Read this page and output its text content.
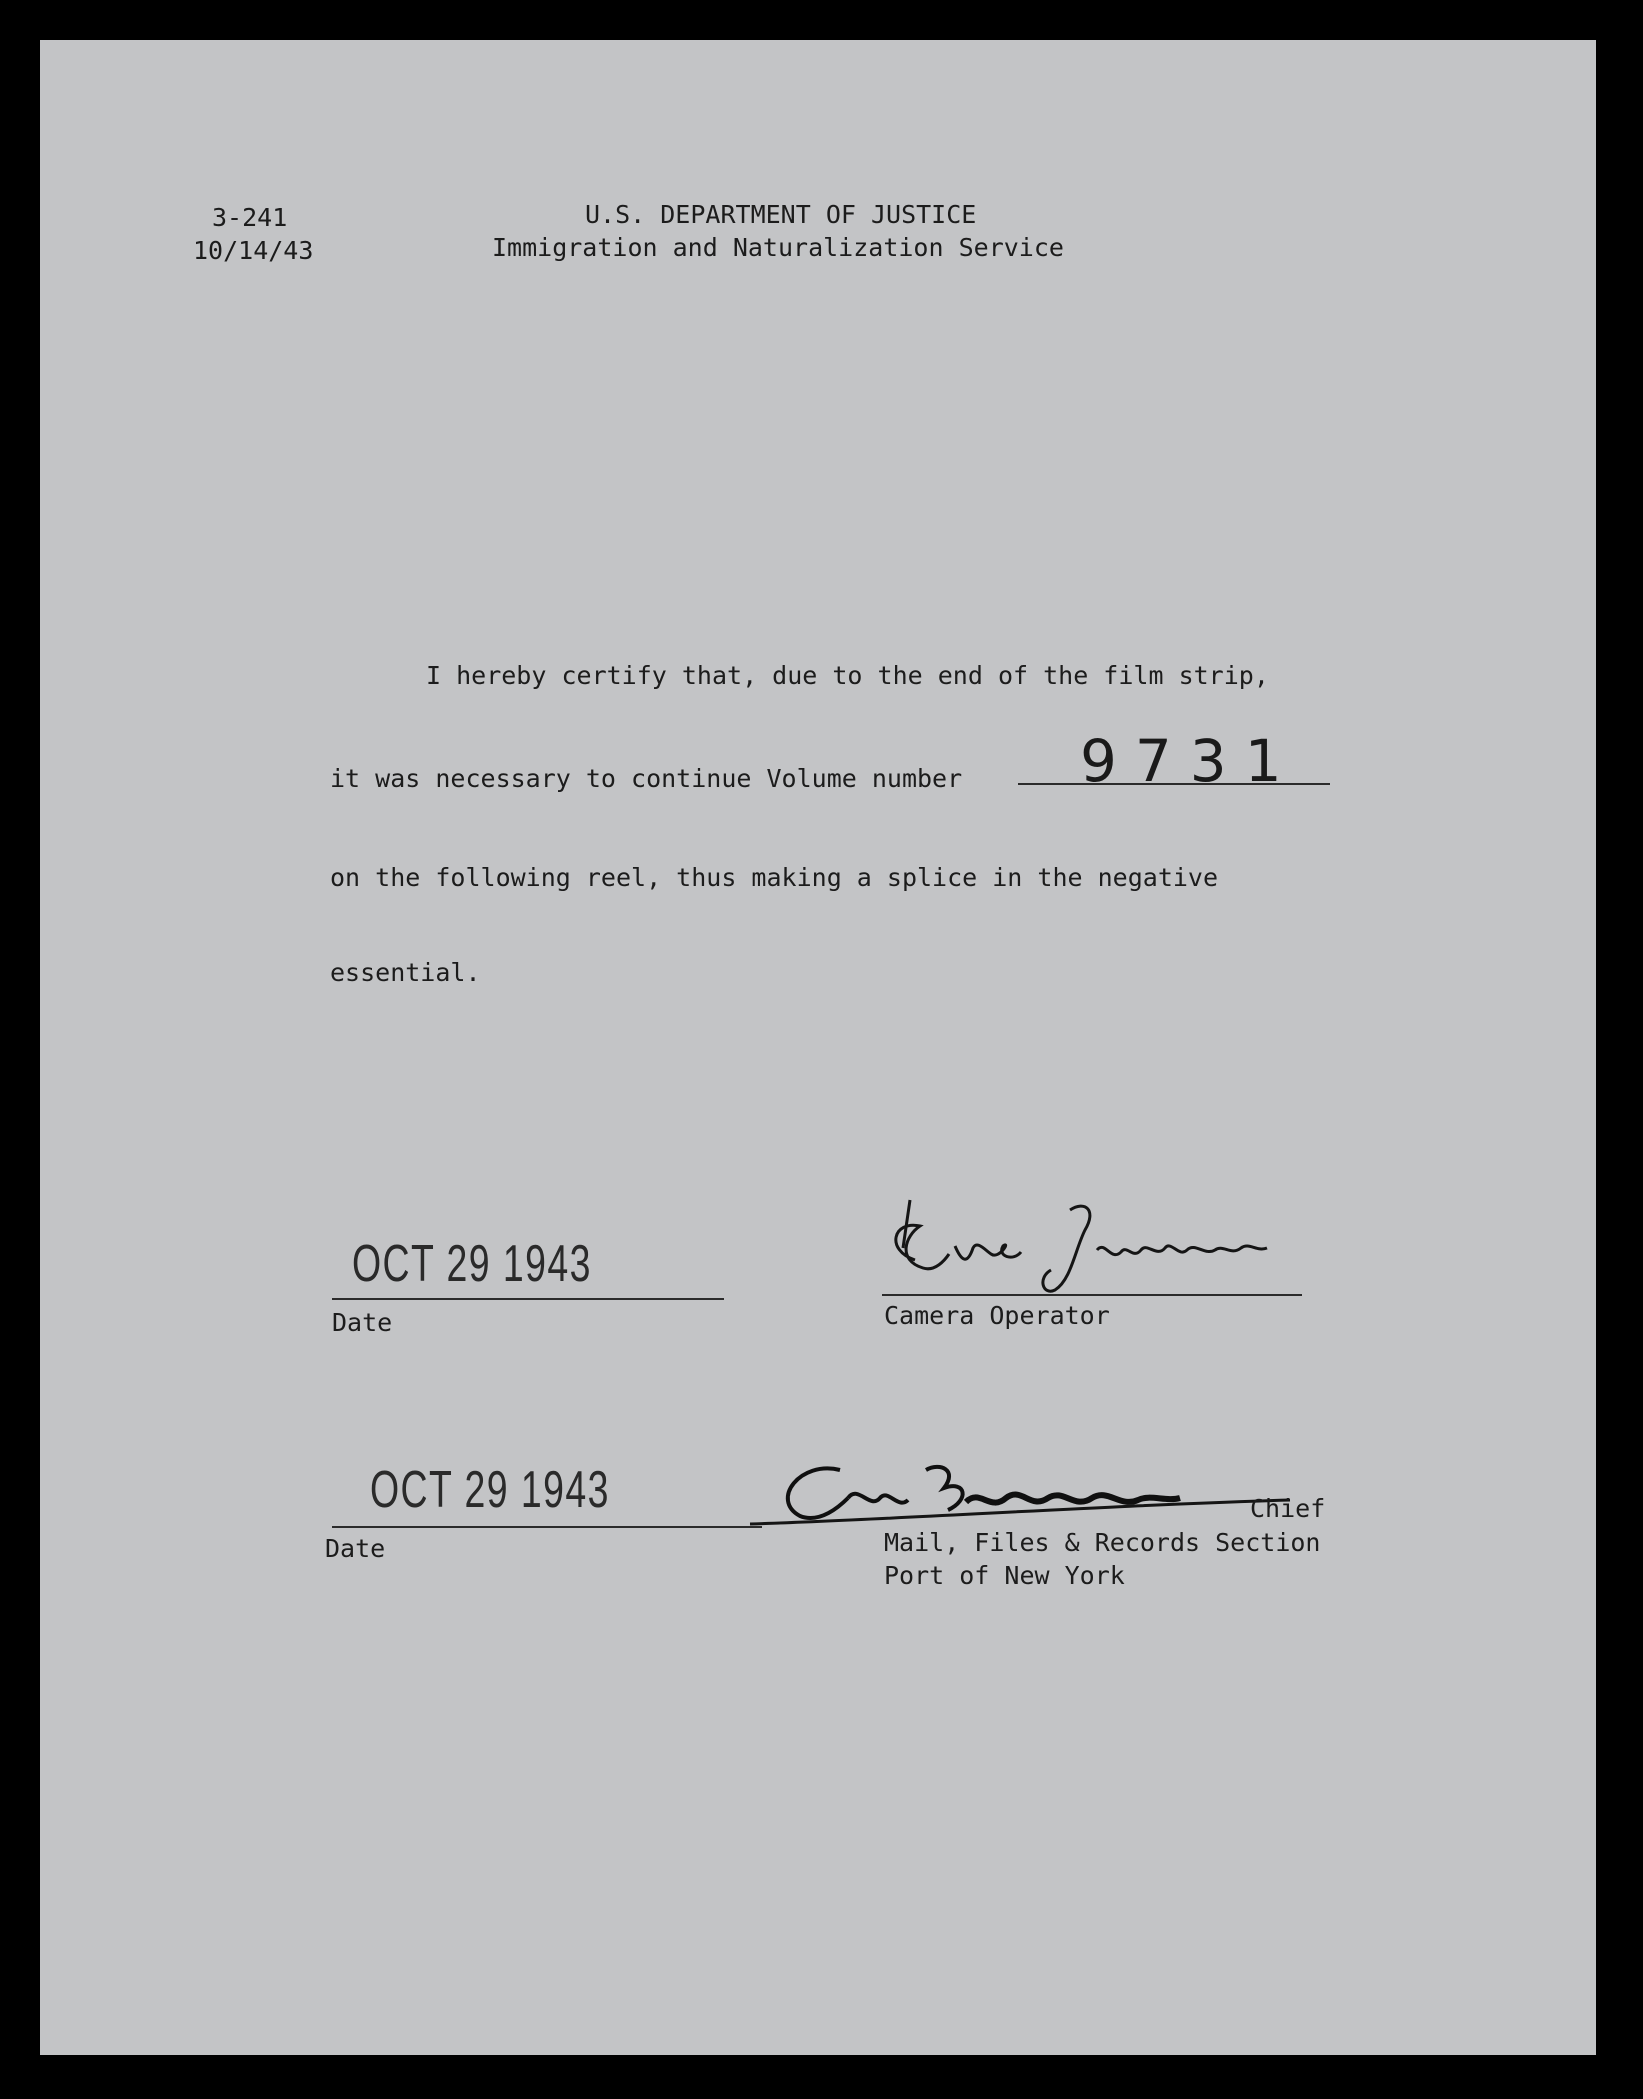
3-241
10/14/43
U.S. DEPARTMENT OF JUSTICE
Immigration and Naturalization Service
I hereby certify that, due to the end of the film strip,
it was necessary to continue Volume number 9731
on the following reel, thus making a splice in the negative
essential.
OCT 29 1943
Date	Camera Operator
OCT 29 1943
Date
Chief
Mail, Files & Records Section
Port of New York
